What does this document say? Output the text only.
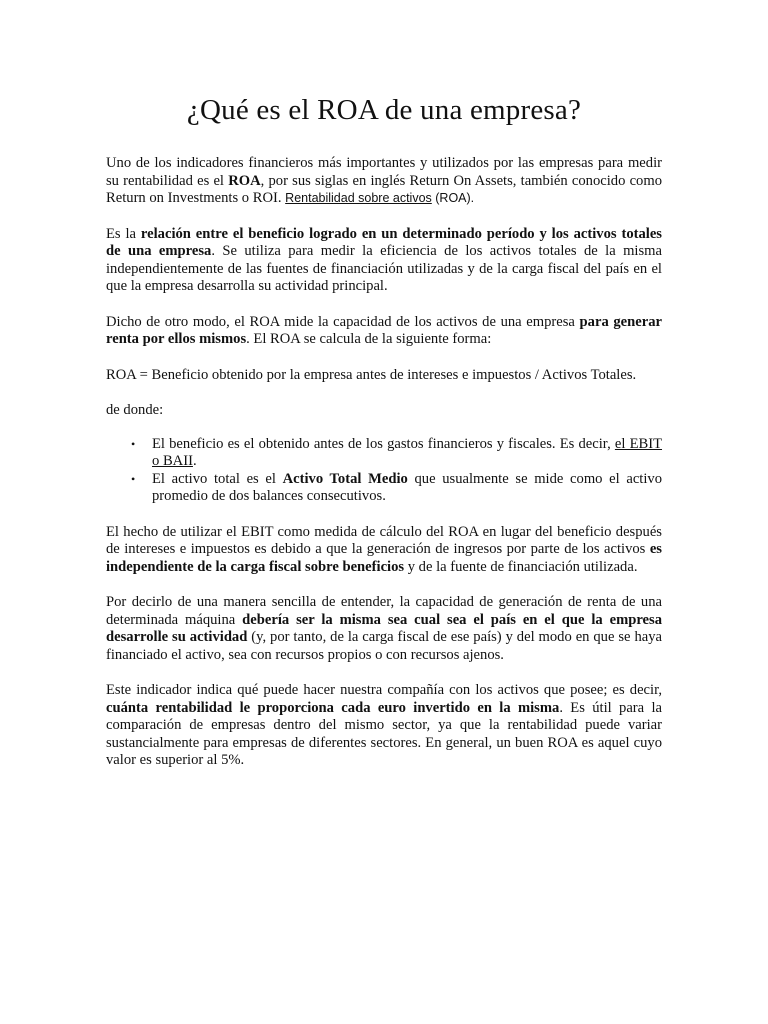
¿Qué es el ROA de una empresa?

Uno de los indicadores financieros más importantes y utilizados por las empresas para medir su rentabilidad es el ROA, por sus siglas en inglés Return On Assets, también conocido como Return on Investments o ROI. Rentabilidad sobre activos (ROA).

Es la relación entre el beneficio logrado en un determinado período y los activos totales de una empresa. Se utiliza para medir la eficiencia de los activos totales de la misma independientemente de las fuentes de financiación utilizadas y de la carga fiscal del país en el que la empresa desarrolla su actividad principal.

Dicho de otro modo, el ROA mide la capacidad de los activos de una empresa para generar renta por ellos mismos. El ROA se calcula de la siguiente forma:

ROA = Beneficio obtenido por la empresa antes de intereses e impuestos / Activos Totales.

de donde:

• El beneficio es el obtenido antes de los gastos financieros y fiscales. Es decir, el EBIT o BAII.
• El activo total es el Activo Total Medio que usualmente se mide como el activo promedio de dos balances consecutivos.

El hecho de utilizar el EBIT como medida de cálculo del ROA en lugar del beneficio después de intereses e impuestos es debido a que la generación de ingresos por parte de los activos es independiente de la carga fiscal sobre beneficios y de la fuente de financiación utilizada.

Por decirlo de una manera sencilla de entender, la capacidad de generación de renta de una determinada máquina debería ser la misma sea cual sea el país en el que la empresa desarrolle su actividad (y, por tanto, de la carga fiscal de ese país) y del modo en que se haya financiado el activo, sea con recursos propios o con recursos ajenos.

Este indicador indica qué puede hacer nuestra compañía con los activos que posee; es decir, cuánta rentabilidad le proporciona cada euro invertido en la misma. Es útil para la comparación de empresas dentro del mismo sector, ya que la rentabilidad puede variar sustancialmente para empresas de diferentes sectores. En general, un buen ROA es aquel cuyo valor es superior al 5%.
